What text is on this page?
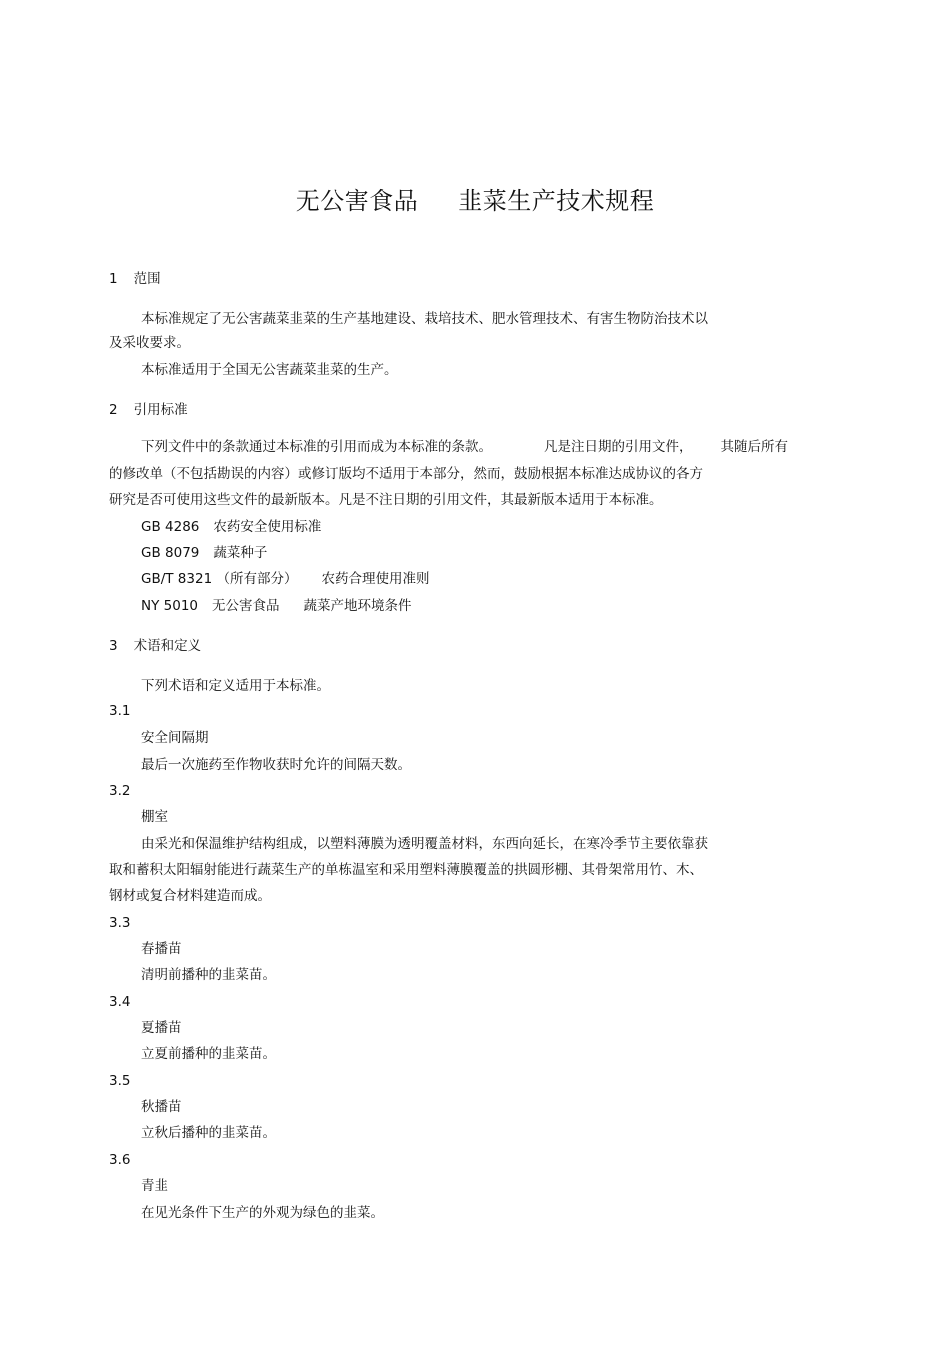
无公害食品 韭菜生产技术规程
1 范围
本标准规定了无公害蔬菜韭菜的生产基地建设、栽培技术、肥水管理技术、有害生物防治技术以
及采收要求。
本标准适用于全国无公害蔬菜韭菜的生产。
2 引用标准
下列文件中的条款通过本标准的引用而成为本标准的条款。	凡是注日期的引用文件， 其随后所有
的修改单（不包括勘误的内容）或修订版均不适用于本部分，然而，鼓励根据本标准达成协议的各方
研究是否可使用这些文件的最新版本。凡是不注日期的引用文件，其最新版本适用于本标准。
GB 4286 农药安全使用标准
GB 8079 蔬菜种子
GB/T 8321 （所有部分） 农药合理使用准则
NY 5010 无公害食品 蔬菜产地环境条件
3 术语和定义
下列术语和定义适用于本标准。
3.1
安全间隔期
最后一次施药至作物收获时允许的间隔天数。
3.2
棚室
由采光和保温维护结构组成，以塑料薄膜为透明覆盖材料，东西向延长，在寒冷季节主要依靠获
取和蓄积太阳辐射能进行蔬菜生产的单栋温室和采用塑料薄膜覆盖的拱圆形棚、其骨架常用竹、木、
钢材或复合材料建造而成。
3.3
春播苗
清明前播种的韭菜苗。
3.4
夏播苗
立夏前播种的韭菜苗。
3.5
秋播苗
立秋后播种的韭菜苗。
3.6
青韭
在见光条件下生产的外观为绿色的韭菜。
